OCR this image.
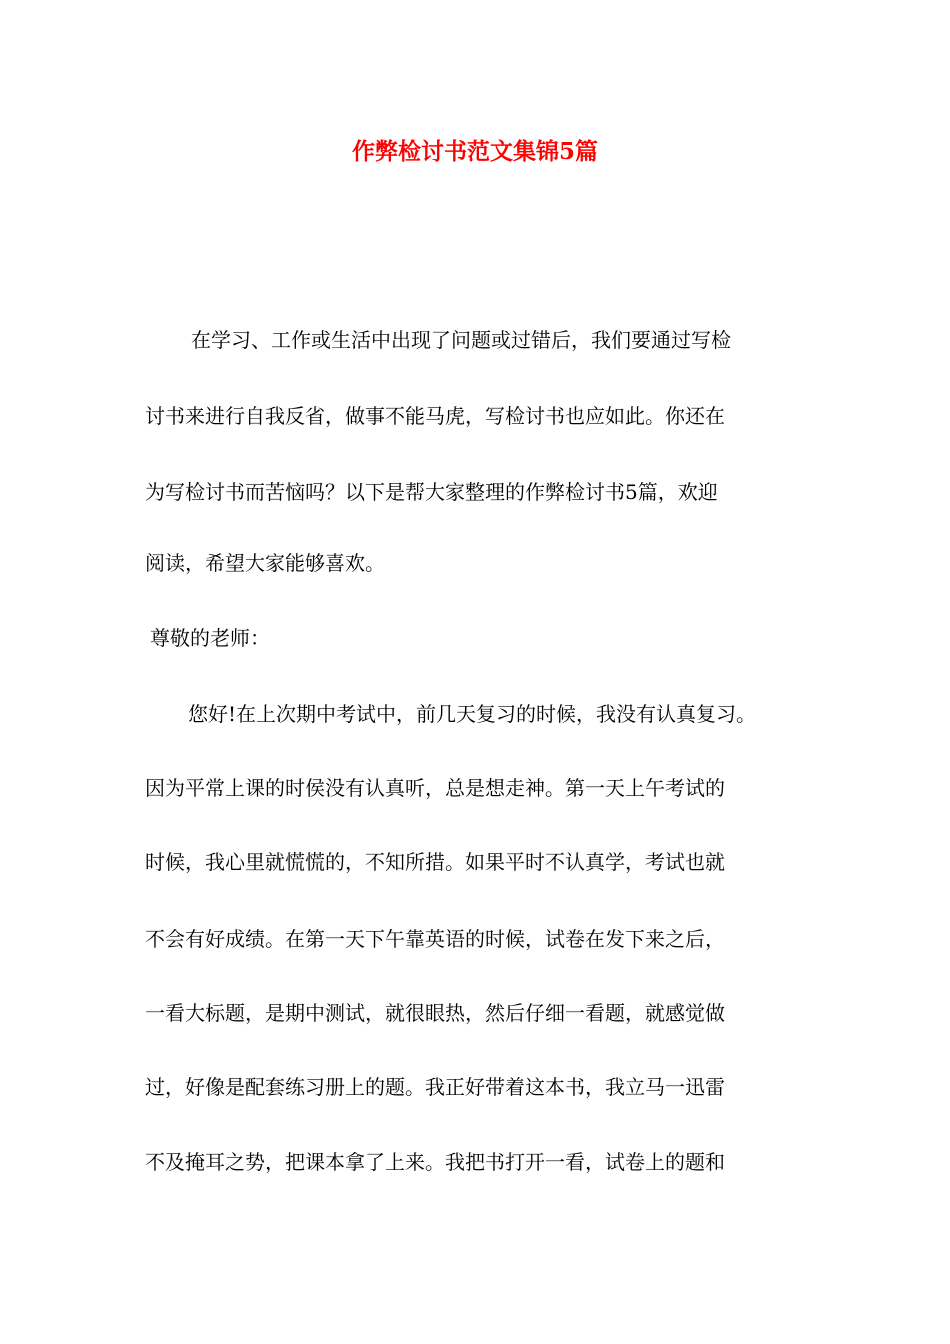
作弊检讨书范文集锦5篇
在学习、工作或生活中出现了问题或过错后，我们要通过写检
讨书来进行自我反省，做事不能马虎，写检讨书也应如此。你还在
为写检讨书而苦恼吗？以下是帮大家整理的作弊检讨书5篇，欢迎
阅读，希望大家能够喜欢。
尊敬的老师：
您好!在上次期中考试中，前几天复习的时候，我没有认真复习。
因为平常上课的时侯没有认真听，总是想走神。第一天上午考试的
时候，我心里就慌慌的，不知所措。如果平时不认真学，考试也就
不会有好成绩。在第一天下午靠英语的时候，试卷在发下来之后，
一看大标题，是期中测试，就很眼热，然后仔细一看题，就感觉做
过，好像是配套练习册上的题。我正好带着这本书，我立马一迅雷
不及掩耳之势，把课本拿了上来。我把书打开一看，试卷上的题和
